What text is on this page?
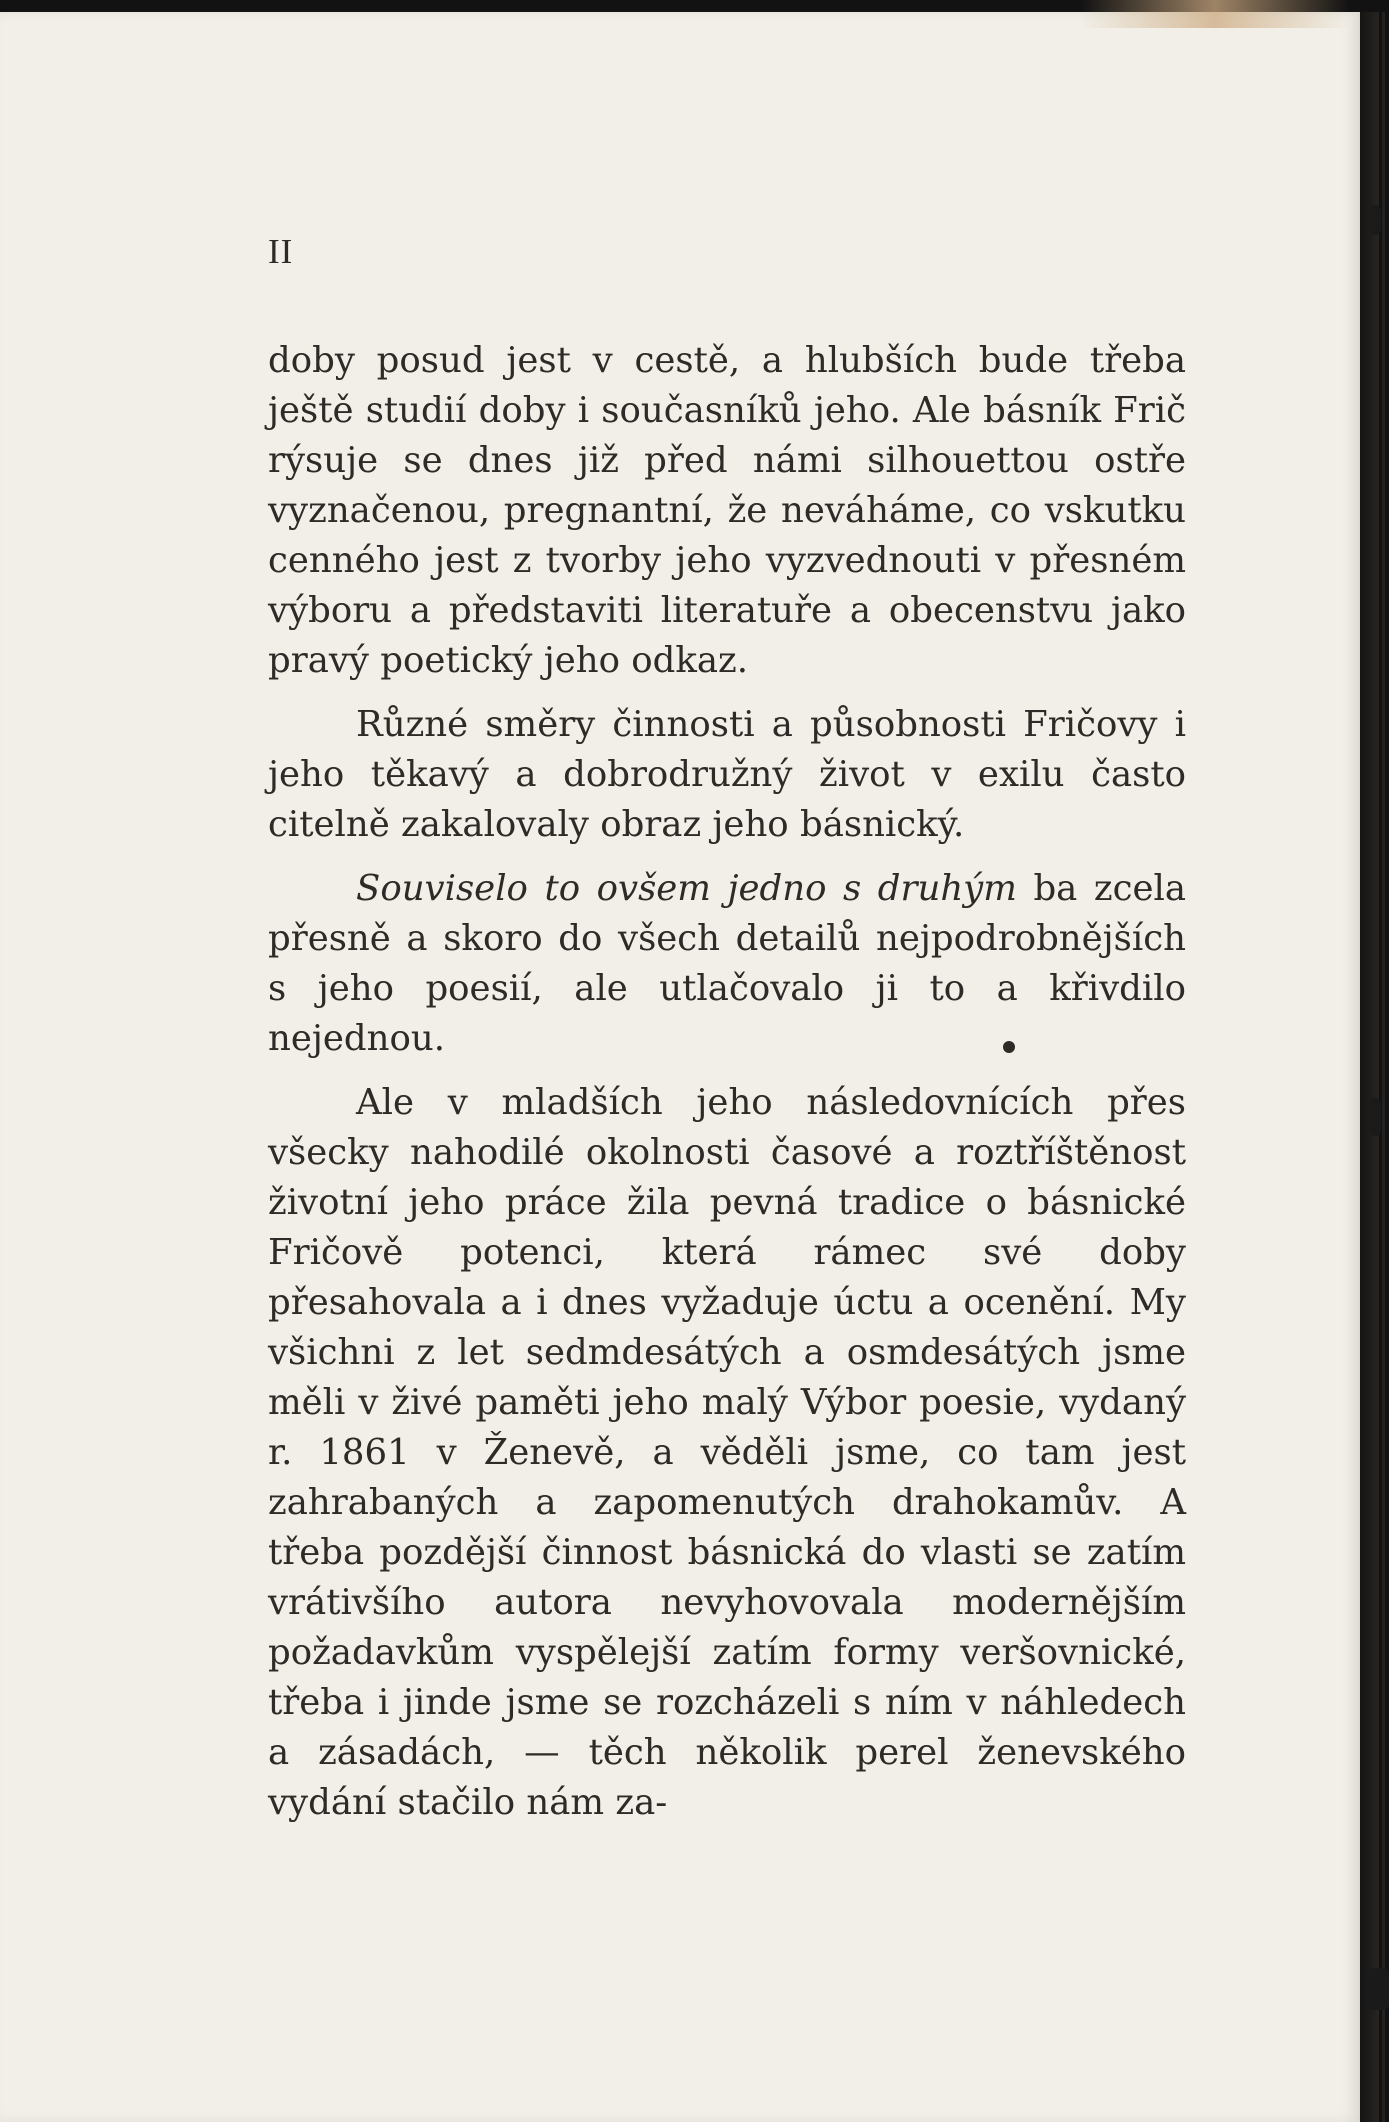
II

doby posud jest v cestě, a hlubších bude třeba ještě studií doby i současníků jeho. Ale básník Frič rýsuje se dnes již před námi silhouettou ostře vyznačenou, pregnantní, že neváháme, co vskutku cenného jest z tvorby jeho vyzvednouti v přesném výboru a představiti literatuře a obecenstvu jako pravý poetický jeho odkaz.

Různé směry činnosti a působnosti Fričovy i jeho těkavý a dobrodružný život v exilu často citelně zakalovaly obraz jeho básnický.

Souviselo to ovšem jedno s druhým ba zcela přesně a skoro do všech detailů nejpodrobnějších s jeho poesií, ale utlačovalo ji to a křivdilo nejednou.

Ale v mladších jeho následovnících přes všecky nahodilé okolnosti časové a roztříštěnost životní jeho práce žila pevná tradice o básnické Fričově potenci, která rámec své doby přesahovala a i dnes vyžaduje úctu a ocenění. My všichni z let sedmdesátých a osmdesátých jsme měli v živé paměti jeho malý Výbor poesie, vydaný r. 1861 v Ženevě, a věděli jsme, co tam jest zahrabaných a zapomenutých drahokamův. A třeba pozdější činnost básnická do vlasti se zatím vrátivšího autora nevyhovovala modernějším požadavkům vyspělejší zatím formy veršovnické, třeba i jinde jsme se rozcházeli s ním v náhledech a zásadách, — těch několik perel ženevského vydání stačilo nám za-
